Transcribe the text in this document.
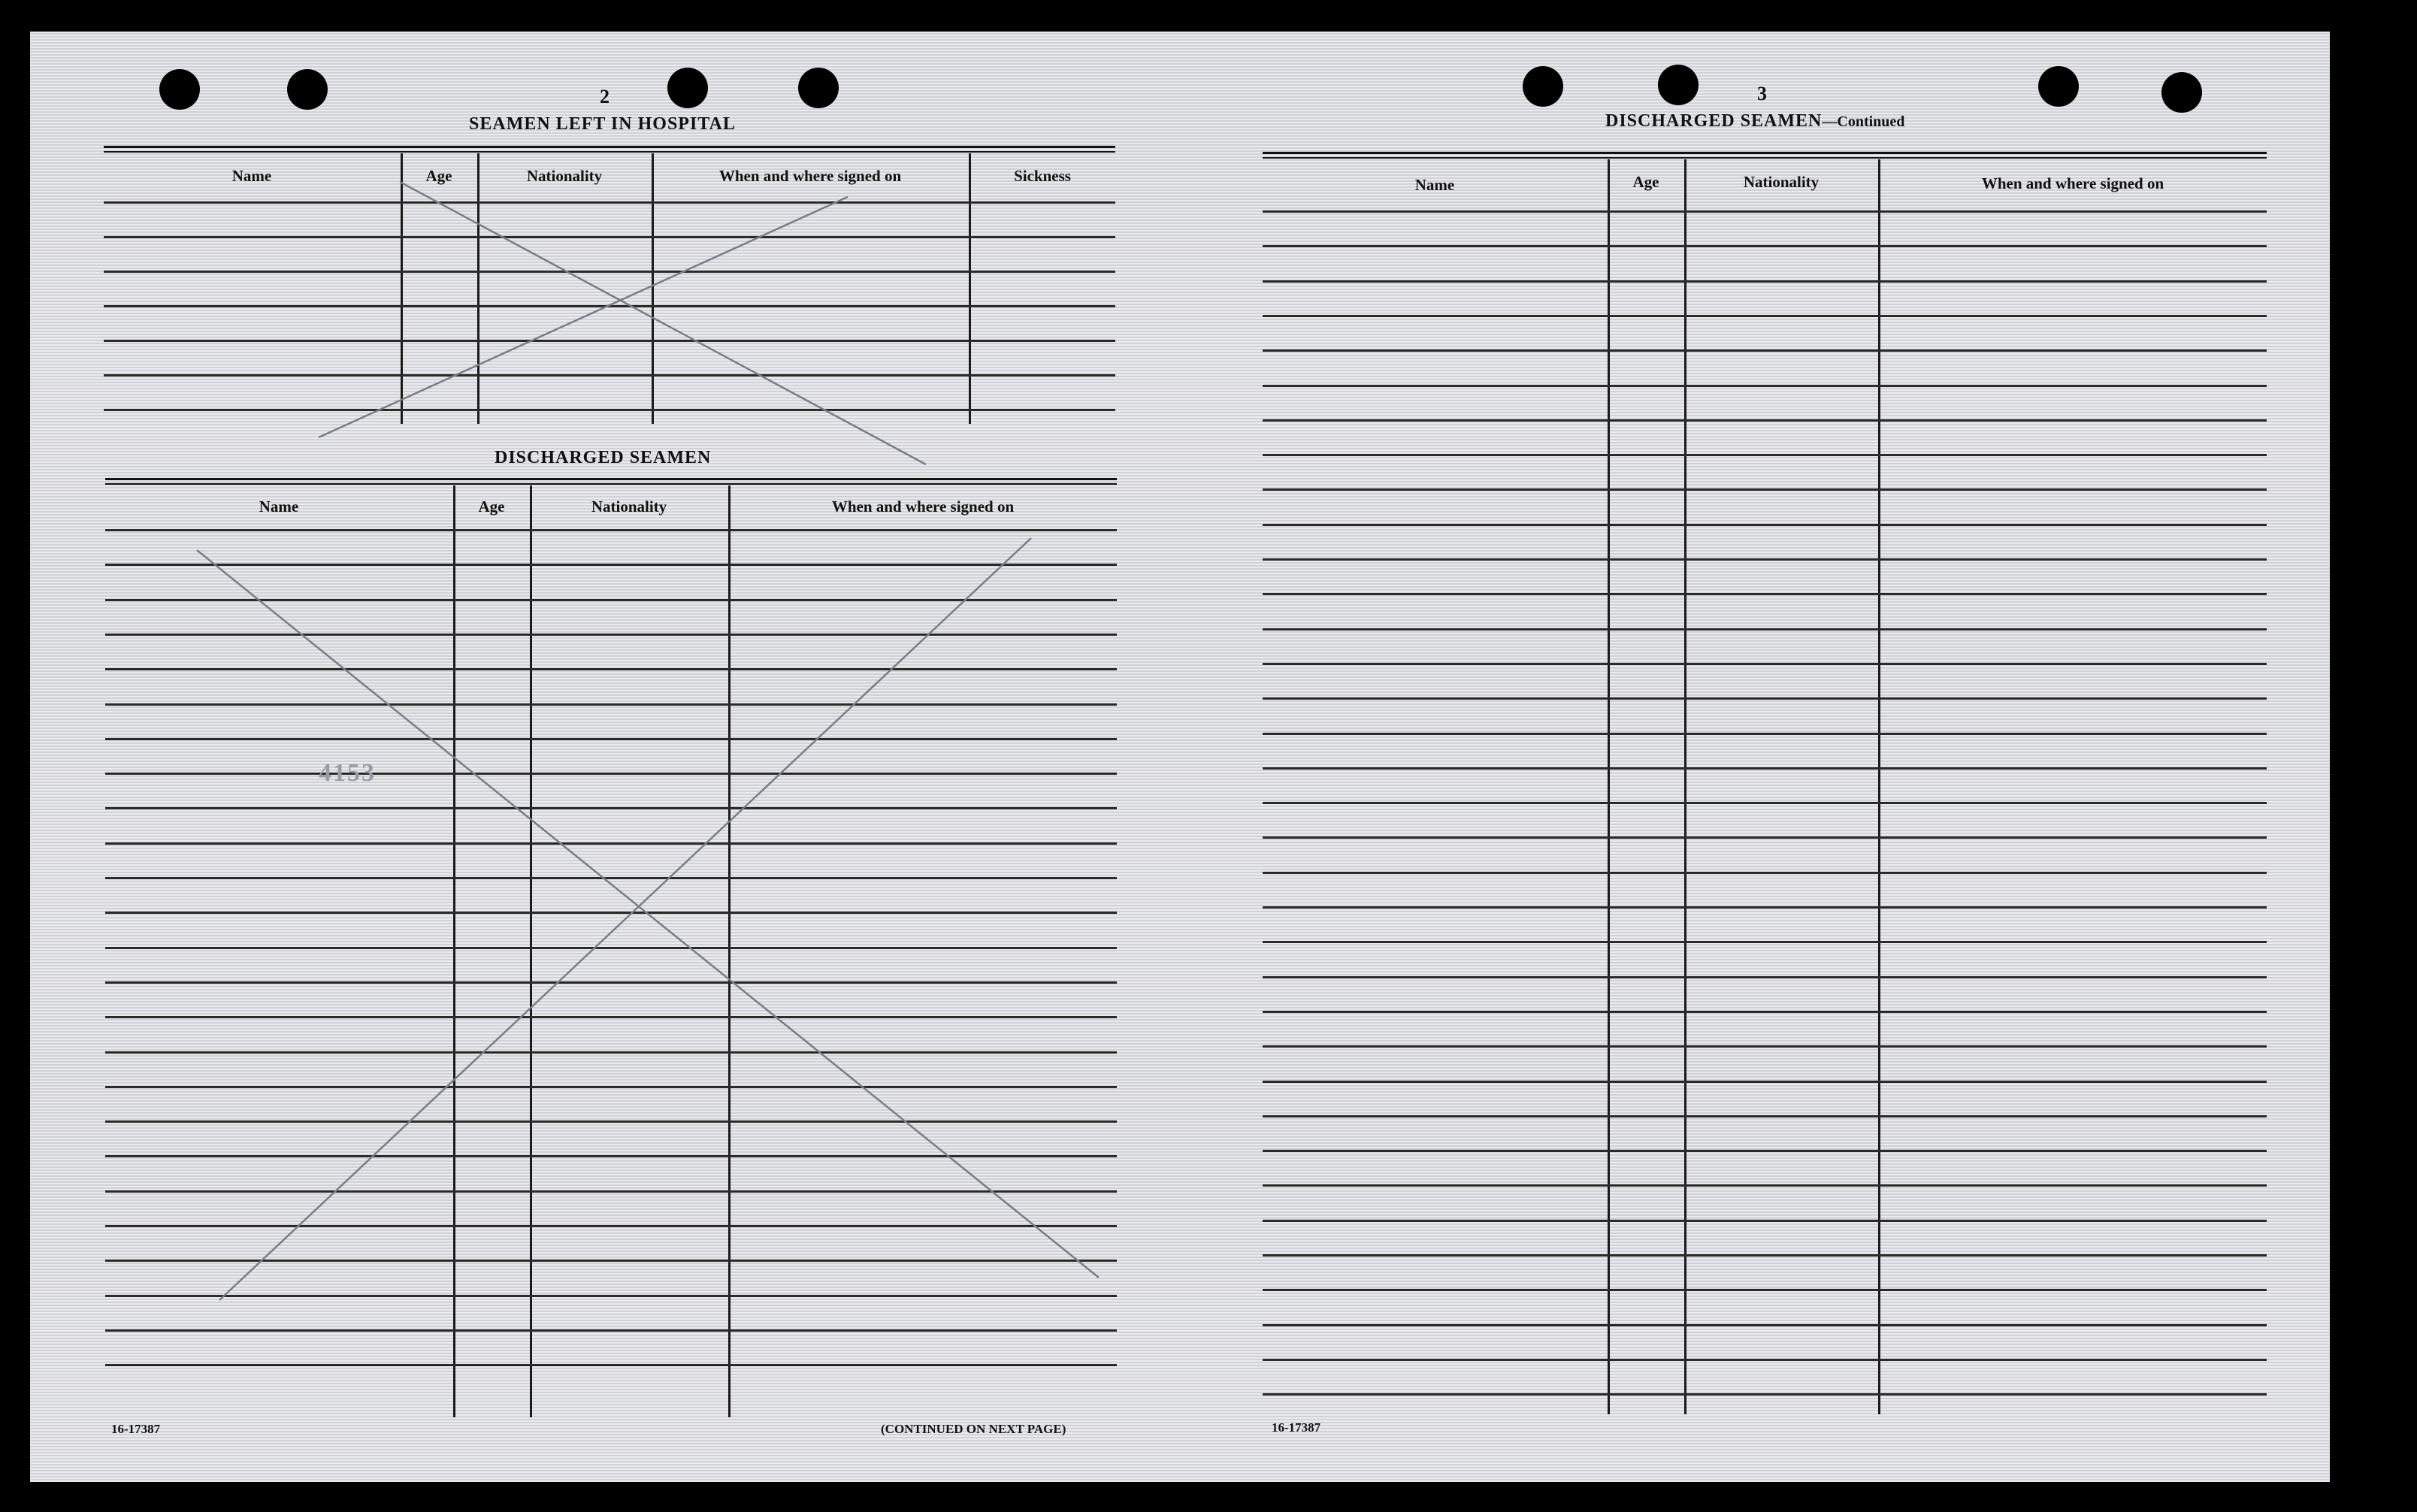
2
SEAMEN LEFT IN HOSPITAL
Name	Age	Nationality	When and where signed on	Sickness
DISCHARGED SEAMEN
Name	Age	Nationality	When and where signed on
4153
16-17387	(CONTINUED ON NEXT PAGE)
3
DISCHARGED SEAMEN—Continued
Name	Age	Nationality	When and where signed on
16-17387
